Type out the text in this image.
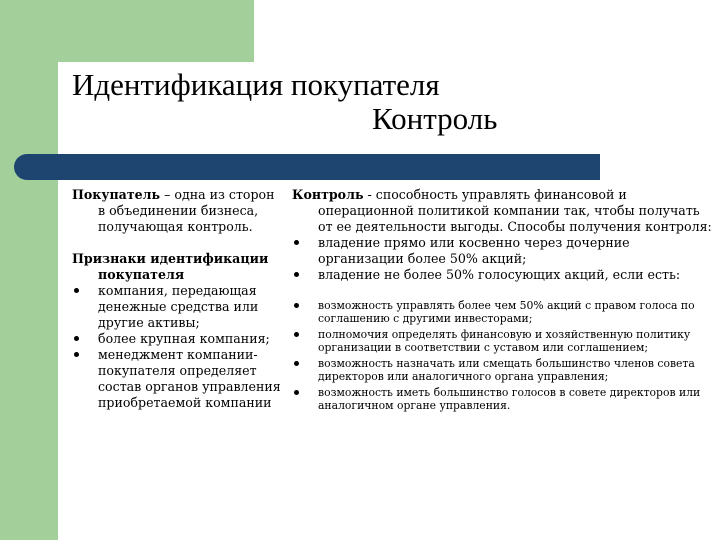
Идентификация покупателя
Контроль

Покупатель – одна из сторон в объединении бизнеса, получающая контроль.

Признаки идентификации покупателя

компания, передающая денежные средства или другие активы;
более крупная компания;
менеджмент компании-покупателя определяет состав органов управления приобретаемой компании

Контроль - способность управлять финансовой и операционной политикой компании так, чтобы получать от ее деятельности выгоды. Способы получения контроля:

владение прямо или косвенно через дочерние организации более 50% акций;
владение не более 50% голосующих акций, если есть:
возможность управлять более чем 50% акций с правом голоса по соглашению с другими инвесторами;
полномочия определять финансовую и хозяйственную политику организации в соответствии с уставом или соглашением;
возможность назначать или смещать большинство членов совета директоров или аналогичного органа управления;
возможность иметь большинство голосов в совете директоров или аналогичном органе управления.
